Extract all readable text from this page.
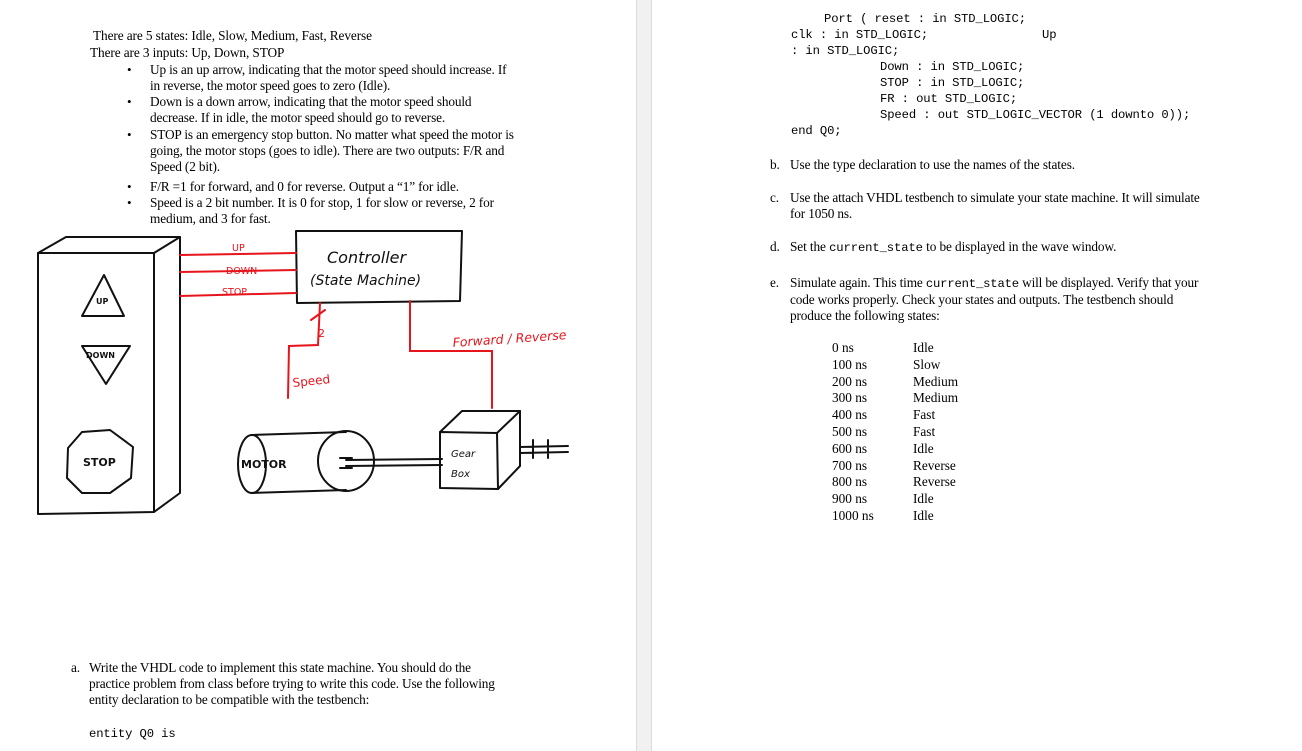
There are 5 states: Idle, Slow, Medium, Fast, Reverse
There are 3 inputs: Up, Down, STOP
• Up is an up arrow, indicating that the motor speed should increase. If
in reverse, the motor speed goes to zero (Idle).
• Down is a down arrow, indicating that the motor speed should
decrease. If in idle, the motor speed should go to reverse.
• STOP is an emergency stop button. No matter what speed the motor is
going, the motor stops (goes to idle). There are two outputs: F/R and
Speed (2 bit).
• F/R =1 for forward, and 0 for reverse. Output a “1” for idle.
• Speed is a 2 bit number. It is 0 for stop, 1 for slow or reverse, 2 for
medium, and 3 for fast.
UP
DOWN
STOP
2
Speed
Forward / Reverse
UP
DOWN
STOP
Controller
(State Machine)
MOTOR
Gear
Box
a. Write the VHDL code to implement this state machine. You should do the
practice problem from class before trying to write this code. Use the following
entity declaration to be compatible with the testbench:
entity Q0 is
Port ( reset : in STD_LOGIC;
clk : in STD_LOGIC;	Up
: in STD_LOGIC;
Down : in STD_LOGIC;
STOP : in STD_LOGIC;
FR : out STD_LOGIC;
Speed : out STD_LOGIC_VECTOR (1 downto 0));
end Q0;
b. Use the type declaration to use the names of the states.
c. Use the attach VHDL testbench to simulate your state machine. It will simulate
for 1050 ns.
d. Set the current_state to be displayed in the wave window.
e. Simulate again. This time current_state will be displayed. Verify that your
code works properly. Check your states and outputs. The testbench should
produce the following states:
0 ns	Idle
100 ns	Slow
200 ns	Medium
300 ns	Medium
400 ns	Fast
500 ns	Fast
600 ns	Idle
700 ns	Reverse
800 ns	Reverse
900 ns	Idle
1000 ns	Idle
